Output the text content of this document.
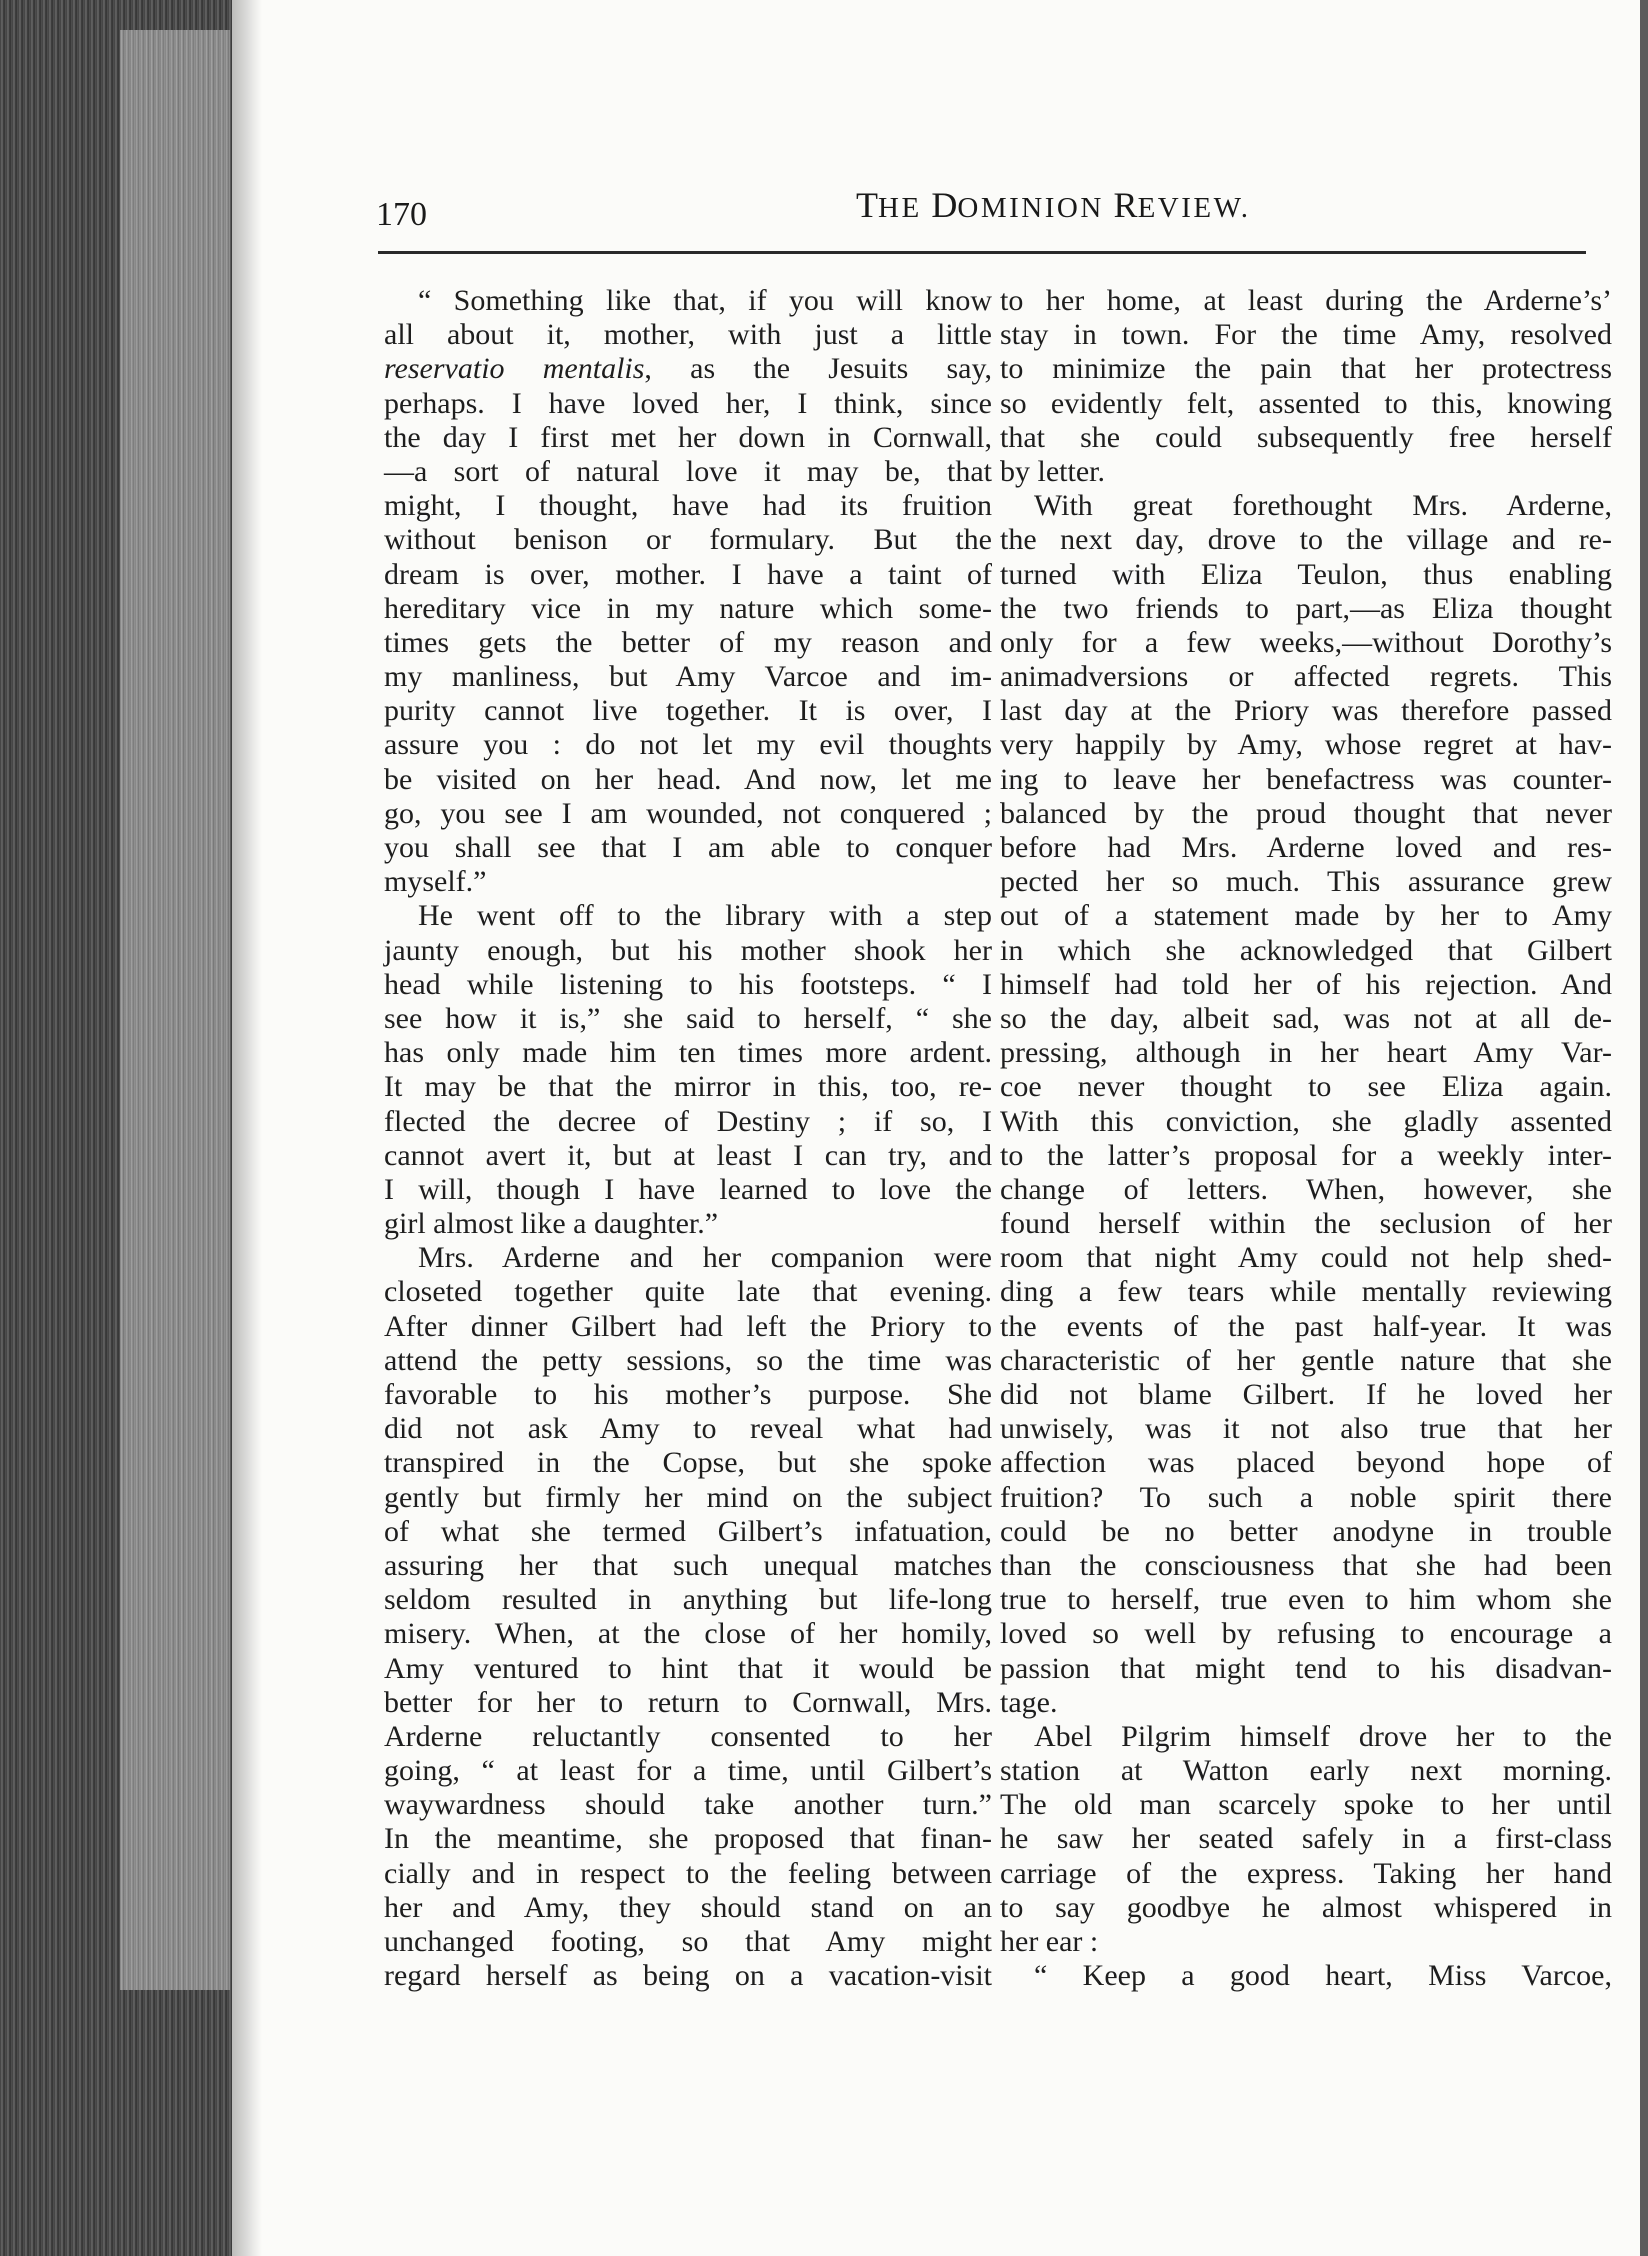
170	THE DOMINION REVIEW.
“ Something like that, if you will know
all about it, mother, with just a little
reservatio mentalis, as the Jesuits say,
perhaps. I have loved her, I think, since
the day I first met her down in Cornwall,
—a sort of natural love it may be, that
might, I thought, have had its fruition
without benison or formulary. But the
dream is over, mother. I have a taint of
hereditary vice in my nature which some-
times gets the better of my reason and
my manliness, but Amy Varcoe and im-
purity cannot live together. It is over, I
assure you : do not let my evil thoughts
be visited on her head. And now, let me
go, you see I am wounded, not conquered ;
you shall see that I am able to conquer
myself.”
He went off to the library with a step
jaunty enough, but his mother shook her
head while listening to his footsteps. “ I
see how it is,” she said to herself, “ she
has only made him ten times more ardent.
It may be that the mirror in this, too, re-
flected the decree of Destiny ; if so, I
cannot avert it, but at least I can try, and
I will, though I have learned to love the
girl almost like a daughter.”
Mrs. Arderne and her companion were
closeted together quite late that evening.
After dinner Gilbert had left the Priory to
attend the petty sessions, so the time was
favorable to his mother’s purpose. She
did not ask Amy to reveal what had
transpired in the Copse, but she spoke
gently but firmly her mind on the subject
of what she termed Gilbert’s infatuation,
assuring her that such unequal matches
seldom resulted in anything but life-long
misery. When, at the close of her homily,
Amy ventured to hint that it would be
better for her to return to Cornwall, Mrs.
Arderne reluctantly consented to her
going, “ at least for a time, until Gilbert’s
waywardness should take another turn.”
In the meantime, she proposed that finan-
cially and in respect to the feeling between
her and Amy, they should stand on an
unchanged footing, so that Amy might
regard herself as being on a vacation-visit
to her home, at least during the Arderne’s’
stay in town. For the time Amy, resolved
to minimize the pain that her protectress
so evidently felt, assented to this, knowing
that she could subsequently free herself
by letter.
With great forethought Mrs. Arderne,
the next day, drove to the village and re-
turned with Eliza Teulon, thus enabling
the two friends to part,—as Eliza thought
only for a few weeks,—without Dorothy’s
animadversions or affected regrets. This
last day at the Priory was therefore passed
very happily by Amy, whose regret at hav-
ing to leave her benefactress was counter-
balanced by the proud thought that never
before had Mrs. Arderne loved and res-
pected her so much. This assurance grew
out of a statement made by her to Amy
in which she acknowledged that Gilbert
himself had told her of his rejection. And
so the day, albeit sad, was not at all de-
pressing, although in her heart Amy Var-
coe never thought to see Eliza again.
With this conviction, she gladly assented
to the latter’s proposal for a weekly inter-
change of letters. When, however, she
found herself within the seclusion of her
room that night Amy could not help shed-
ding a few tears while mentally reviewing
the events of the past half-year. It was
characteristic of her gentle nature that she
did not blame Gilbert. If he loved her
unwisely, was it not also true that her
affection was placed beyond hope of
fruition? To such a noble spirit there
could be no better anodyne in trouble
than the consciousness that she had been
true to herself, true even to him whom she
loved so well by refusing to encourage a
passion that might tend to his disadvan-
tage.
Abel Pilgrim himself drove her to the
station at Watton early next morning.
The old man scarcely spoke to her until
he saw her seated safely in a first-class
carriage of the express. Taking her hand
to say goodbye he almost whispered in
her ear :
“ Keep a good heart, Miss Varcoe,
